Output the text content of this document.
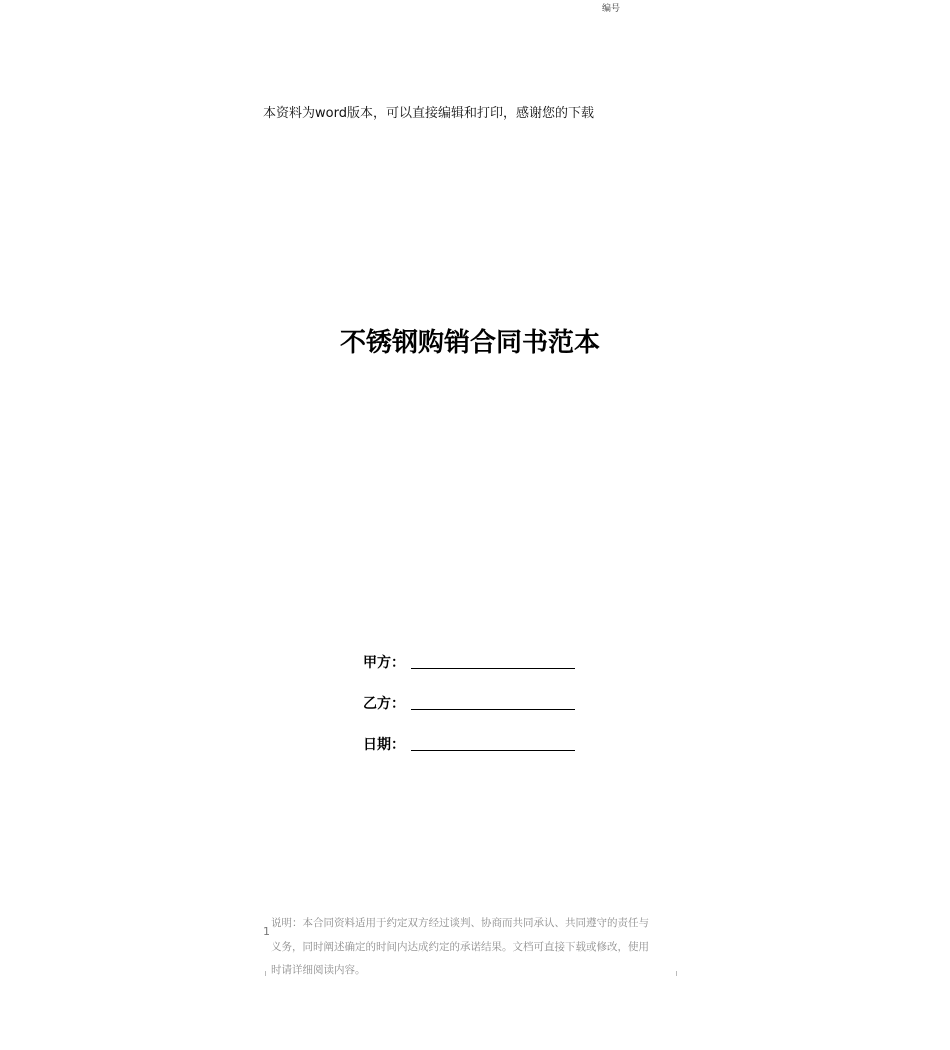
编号
本资料为word版本，可以直接编辑和打印，感谢您的下载
不锈钢购销合同书范本
甲方：
乙方：
日期：
1
说明：本合同资料适用于约定双方经过谈判、协商而共同承认、共同遵守的责任与义务，同时阐述确定的时间内达成约定的承诺结果。文档可直接下载或修改，使用时请详细阅读内容。
